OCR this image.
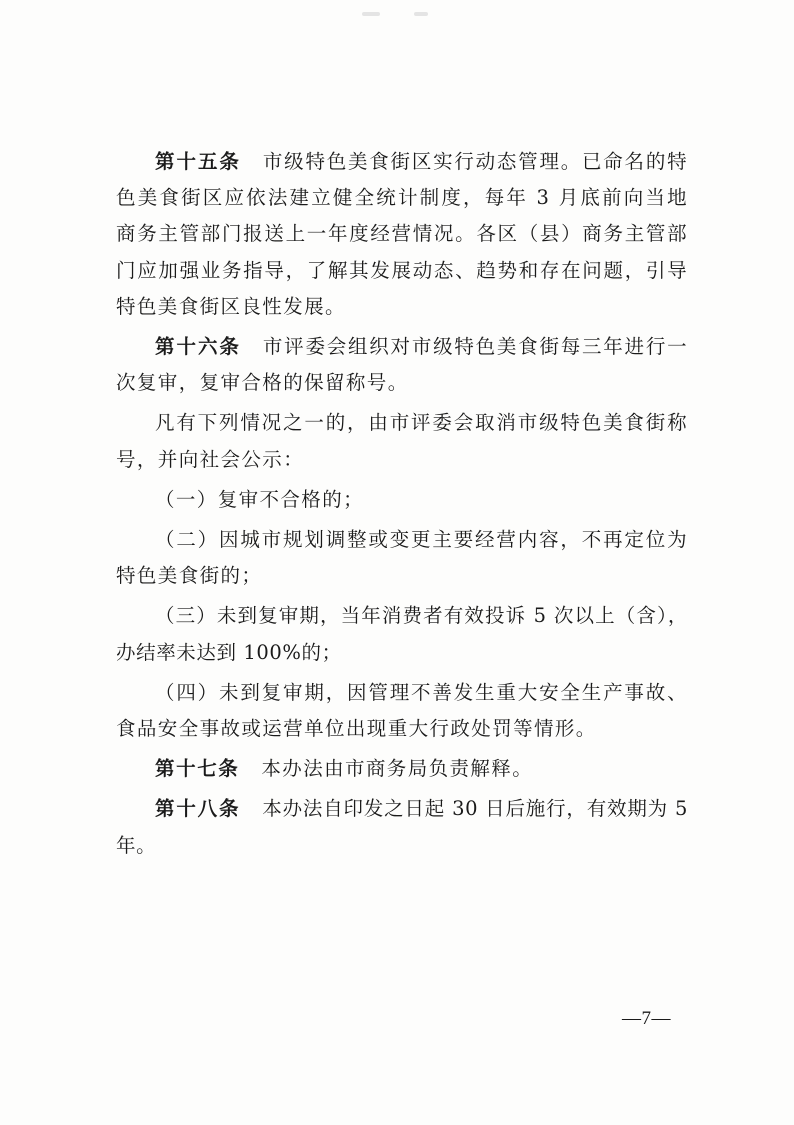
第十五条 市级特色美食街区实行动态管理。已命名的特色美食街区应依法建立健全统计制度，每年 3 月底前向当地商务主管部门报送上一年度经营情况。各区（县）商务主管部门应加强业务指导，了解其发展动态、趋势和存在问题，引导特色美食街区良性发展。

第十六条 市评委会组织对市级特色美食街每三年进行一次复审，复审合格的保留称号。

凡有下列情况之一的，由市评委会取消市级特色美食街称号，并向社会公示：

（一）复审不合格的；

（二）因城市规划调整或变更主要经营内容，不再定位为特色美食街的；

（三）未到复审期，当年消费者有效投诉 5 次以上（含），办结率未达到 100%的；

（四）未到复审期，因管理不善发生重大安全生产事故、食品安全事故或运营单位出现重大行政处罚等情形。

第十七条 本办法由市商务局负责解释。

第十八条 本办法自印发之日起 30 日后施行，有效期为 5 年。

—7—
